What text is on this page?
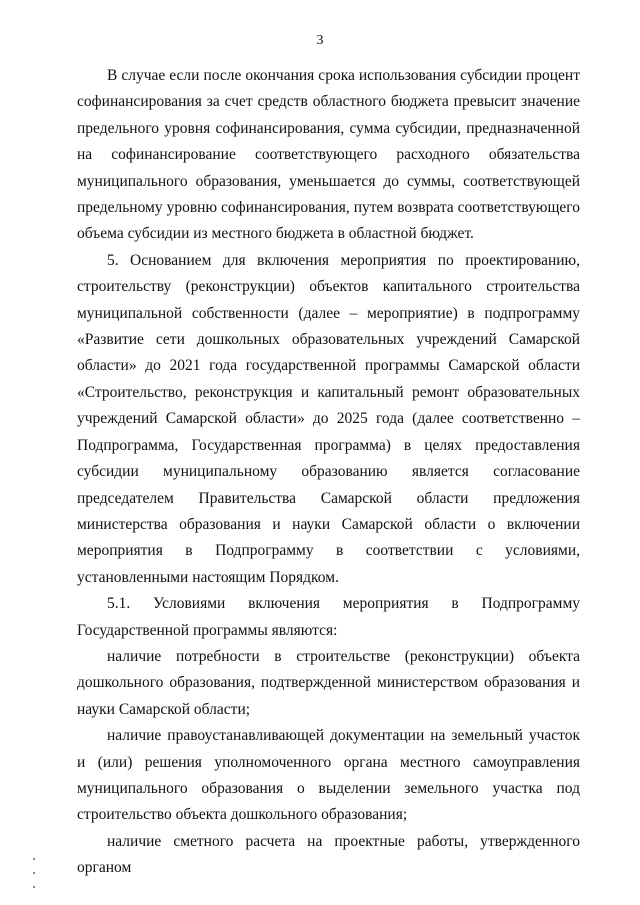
3

В случае если после окончания срока использования субсидии процент софинансирования за счет средств областного бюджета превысит значение предельного уровня софинансирования, сумма субсидии, предназначенной на софинансирование соответствующего расходного обязательства муниципального образования, уменьшается до суммы, соответствующей предельному уровню софинансирования, путем возврата соответствующего объема субсидии из местного бюджета в областной бюджет.

5. Основанием для включения мероприятия по проектированию, строительству (реконструкции) объектов капитального строительства муниципальной собственности (далее – мероприятие) в подпрограмму «Развитие сети дошкольных образовательных учреждений Самарской области» до 2021 года государственной программы Самарской области «Строительство, реконструкция и капитальный ремонт образовательных учреждений Самарской области» до 2025 года (далее соответственно – Подпрограмма, Государственная программа) в целях предоставления субсидии муниципальному образованию является согласование председателем Правительства Самарской области предложения министерства образования и науки Самарской области о включении мероприятия в Подпрограмму в соответствии с условиями, установленными настоящим Порядком.

5.1. Условиями включения мероприятия в Подпрограмму Государственной программы являются:

наличие потребности в строительстве (реконструкции) объекта дошкольного образования, подтвержденной министерством образования и науки Самарской области;

наличие правоустанавливающей документации на земельный участок и (или) решения уполномоченного органа местного самоуправления муниципального образования о выделении земельного участка под строительство объекта дошкольного образования;

наличие сметного расчета на проектные работы, утвержденного органом
